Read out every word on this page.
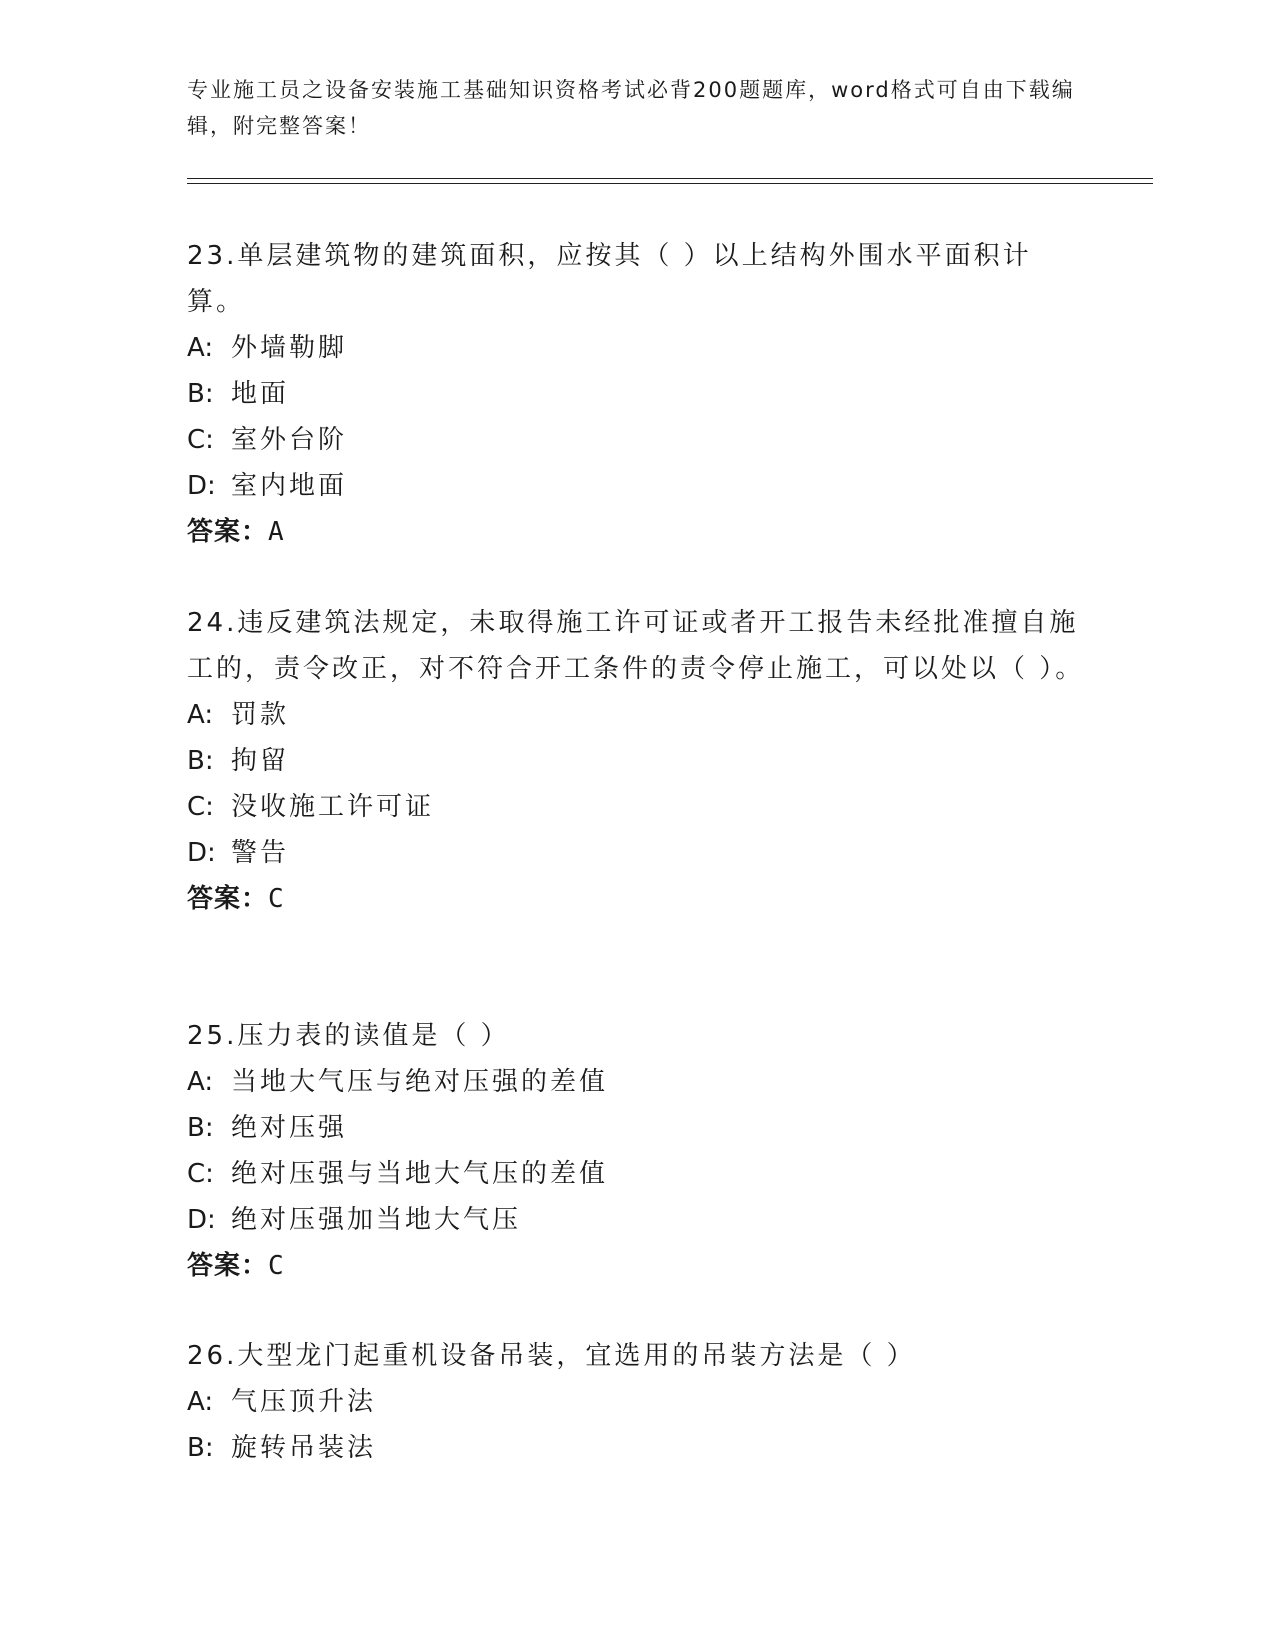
专业施工员之设备安装施工基础知识资格考试必背200题题库，word格式可自由下载编辑，附完整答案！

23.单层建筑物的建筑面积，应按其（ ）以上结构外围水平面积计算。

A: 外墙勒脚

B: 地面

C: 室外台阶

D: 室内地面

答案：A

24.违反建筑法规定，未取得施工许可证或者开工报告未经批准擅自施工的，责令改正，对不符合开工条件的责令停止施工，可以处以（ ）。

A: 罚款

B: 拘留

C: 没收施工许可证

D: 警告

答案：C

25.压力表的读值是（ ）

A: 当地大气压与绝对压强的差值

B: 绝对压强

C: 绝对压强与当地大气压的差值

D: 绝对压强加当地大气压

答案：C

26.大型龙门起重机设备吊装，宜选用的吊装方法是（ ）

A: 气压顶升法

B: 旋转吊装法
